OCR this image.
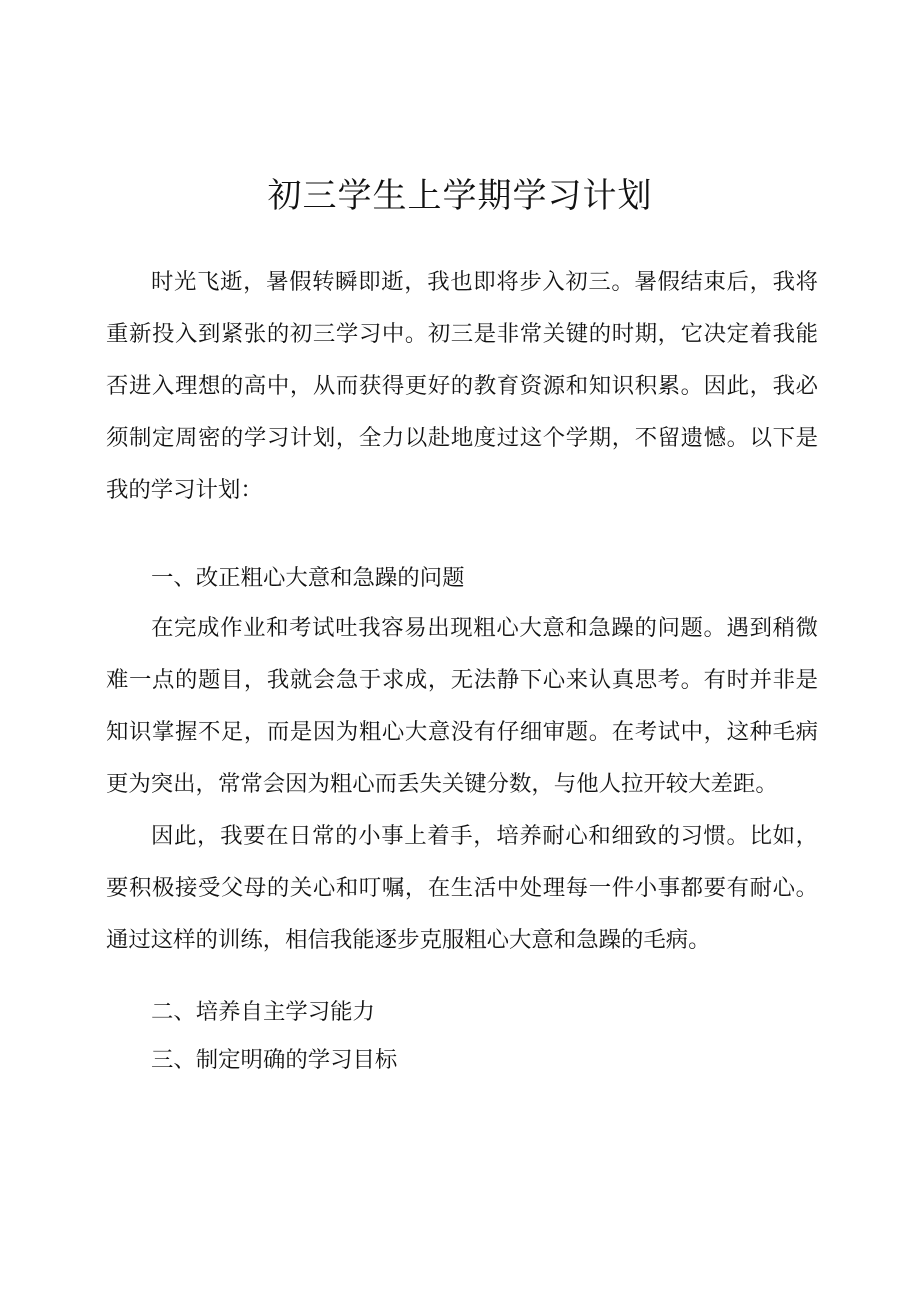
初三学生上学期学习计划

时光飞逝，暑假转瞬即逝，我也即将步入初三。暑假结束后，我将重新投入到紧张的初三学习中。初三是非常关键的时期，它决定着我能否进入理想的高中，从而获得更好的教育资源和知识积累。因此，我必须制定周密的学习计划，全力以赴地度过这个学期，不留遗憾。以下是我的学习计划：

一、改正粗心大意和急躁的问题

在完成作业和考试吐我容易出现粗心大意和急躁的问题。遇到稍微难一点的题目，我就会急于求成，无法静下心来认真思考。有时并非是知识掌握不足，而是因为粗心大意没有仔细审题。在考试中，这种毛病更为突出，常常会因为粗心而丢失关键分数，与他人拉开较大差距。

因此，我要在日常的小事上着手，培养耐心和细致的习惯。比如，要积极接受父母的关心和叮嘱，在生活中处理每一件小事都要有耐心。通过这样的训练，相信我能逐步克服粗心大意和急躁的毛病。

二、培养自主学习能力

三、制定明确的学习目标
